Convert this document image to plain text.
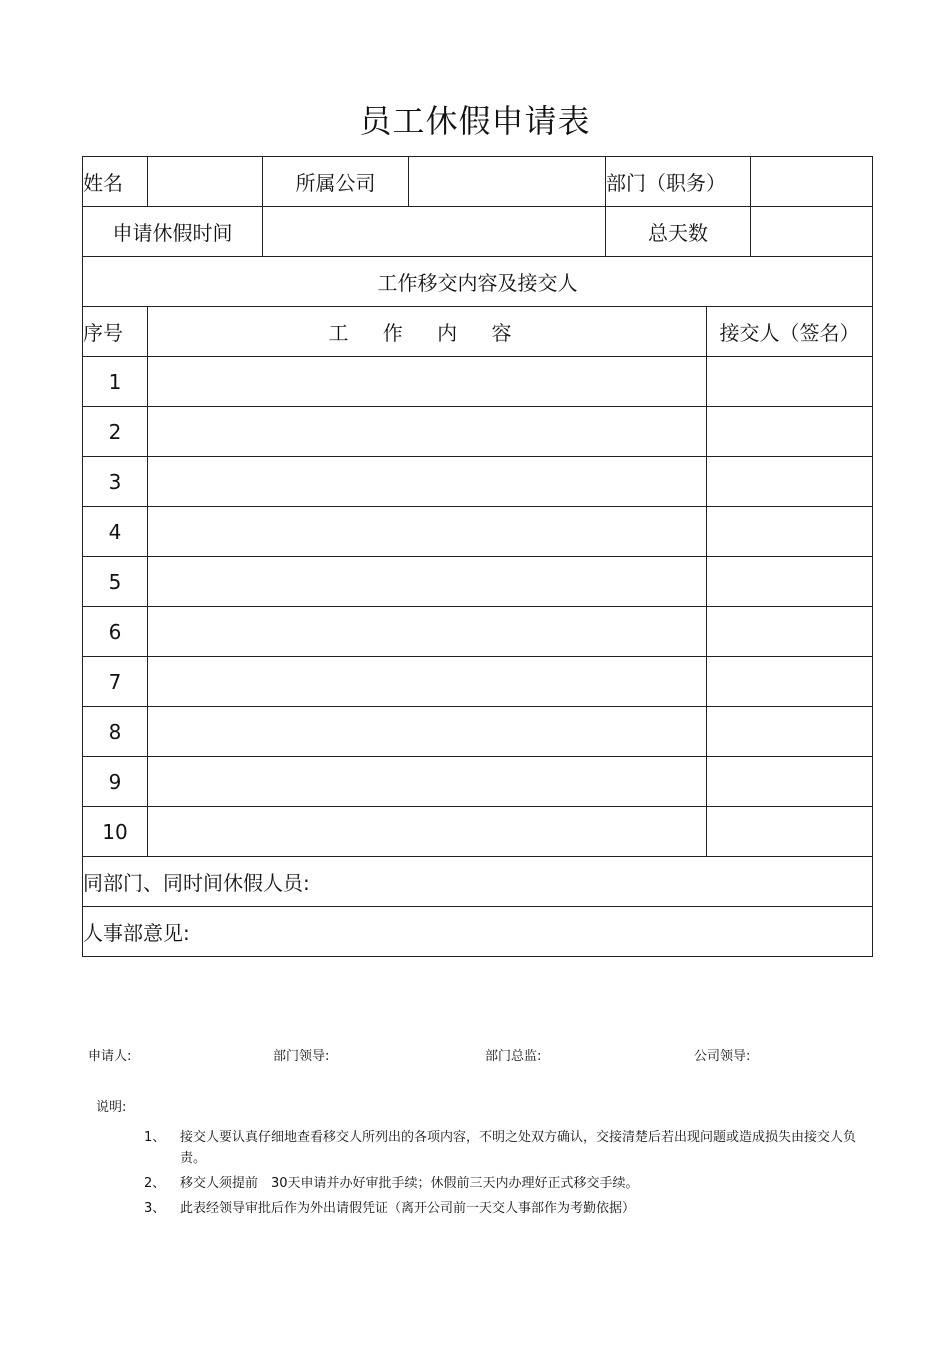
员工休假申请表
姓名		所属公司		部门（职务）		
申请休假时间				总天数		
工作移交内容及接交人						
序号	工 作 内 容				接交人（签名）	
1						
2						
3						
4						
5						
6						
7						
8						
9						
10						
同部门、同时间休假人员:						
人事部意见:						
申请人:	部门领导:	部门总监:	公司领导:
说明:
1、 接交人要认真仔细地查看移交人所列出的各项内容，不明之处双方确认，交接清楚后若出现问题或造成损失由接交人负责。
2、 移交人须提前　30天申请并办好审批手续；休假前三天内办理好正式移交手续。
3、 此表经领导审批后作为外出请假凭证（离开公司前一天交人事部作为考勤依据）
